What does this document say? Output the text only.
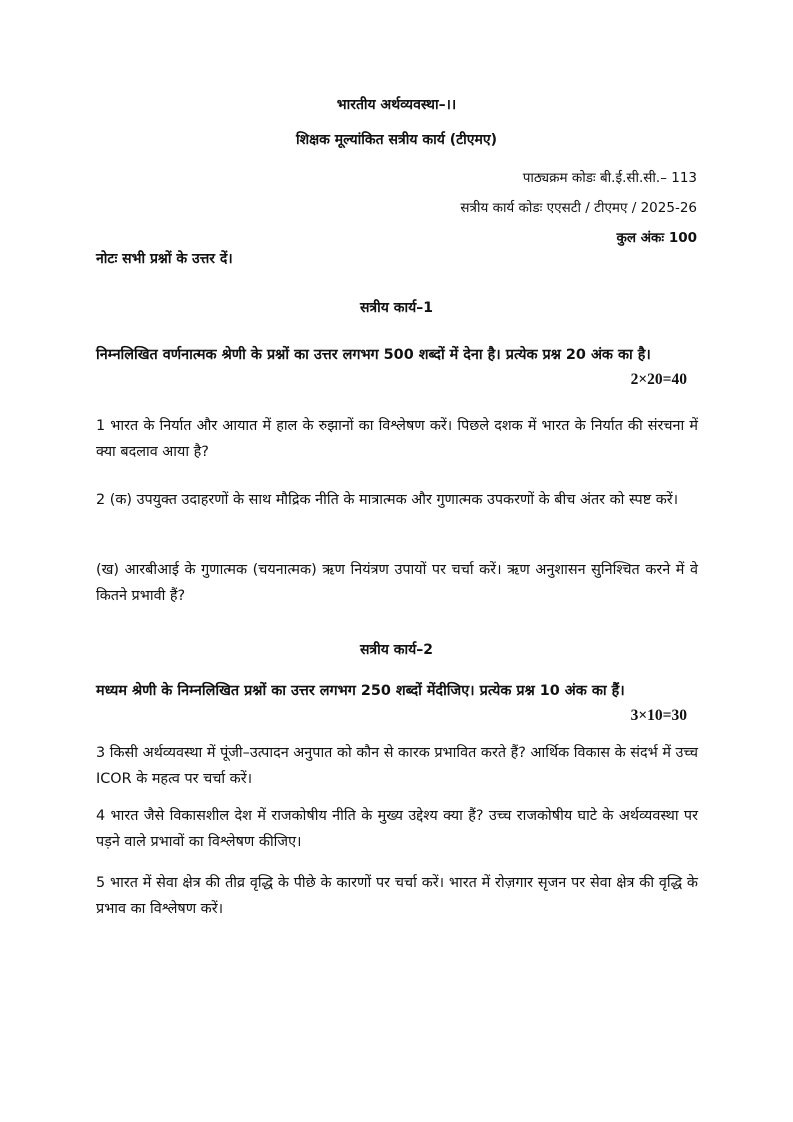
भारतीय अर्थव्यवस्था–।।
शिक्षक मूल्यांकित सत्रीय कार्य (टीएमए)
पाठ्यक्रम कोडः बी.ई.सी.सी.– 113
सत्रीय कार्य कोडः एएसटी / टीएमए / 2025-26
कुल अंकः 100
नोटः सभी प्रश्नों के उत्तर दें।
सत्रीय कार्य–1
निम्नलिखित वर्णनात्मक श्रेणी के प्रश्नों का उत्तर लगभग 500 शब्दों में देना है। प्रत्येक प्रश्न 20 अंक का है।
2×20=40
1 भारत के निर्यात और आयात में हाल के रुझानों का विश्लेषण करें। पिछले दशक में भारत के निर्यात की संरचना में क्या बदलाव आया है?
2 (क) उपयुक्त उदाहरणों के साथ मौद्रिक नीति के मात्रात्मक और गुणात्मक उपकरणों के बीच अंतर को स्पष्ट करें।
(ख) आरबीआई के गुणात्मक (चयनात्मक) ऋण नियंत्रण उपायों पर चर्चा करें। ऋण अनुशासन सुनिश्चित करने में वे कितने प्रभावी हैं?
सत्रीय कार्य–2
मध्यम श्रेणी के निम्नलिखित प्रश्नों का उत्तर लगभग 250 शब्दों मेंदीजिए। प्रत्येक प्रश्न 10 अंक का हैं।
3×10=30
3 किसी अर्थव्यवस्था में पूंजी–उत्पादन अनुपात को कौन से कारक प्रभावित करते हैं? आर्थिक विकास के संदर्भ में उच्च ICOR के महत्व पर चर्चा करें।
4 भारत जैसे विकासशील देश में राजकोषीय नीति के मुख्य उद्देश्य क्या हैं? उच्च राजकोषीय घाटे के अर्थव्यवस्था पर पड़ने वाले प्रभावों का विश्लेषण कीजिए।
5 भारत में सेवा क्षेत्र की तीव्र वृद्धि के पीछे के कारणों पर चर्चा करें। भारत में रोज़गार सृजन पर सेवा क्षेत्र की वृद्धि के प्रभाव का विश्लेषण करें।
